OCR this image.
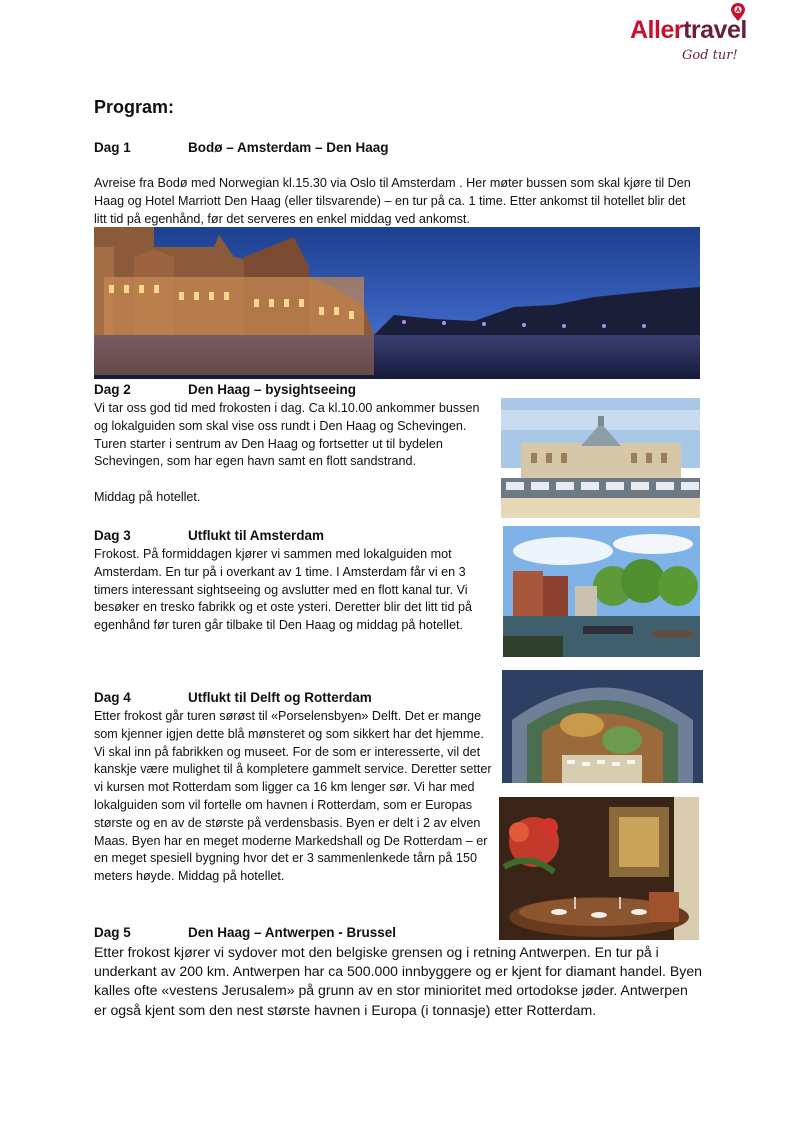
Allertravel
God tur!
Program:
Dag 1	Bodø – Amsterdam – Den Haag

Avreise fra Bodø med Norwegian kl.15.30 via Oslo til Amsterdam . Her møter bussen som skal kjøre til Den Haag og Hotel Marriott Den Haag (eller tilsvarende) – en tur på ca. 1 time. Etter ankomst til hotellet blir det litt tid på egenhånd, før det serveres en enkel middag ved ankomst.

Dag 2	Den Haag – bysightseeing

Vi tar oss god tid med frokosten i dag. Ca kl.10.00 ankommer bussen og lokalguiden som skal vise oss rundt i Den Haag og Schevingen. Turen starter i sentrum av Den Haag og fortsetter ut til bydelen Schevingen, som har egen havn samt en flott sandstrand.

Middag på hotellet.

Dag 3	Utflukt til Amsterdam

Frokost. På formiddagen kjører vi sammen med lokalguiden mot Amsterdam. En tur på i overkant av 1 time. I Amsterdam får vi en 3 timers interessant sightseeing og avslutter med en flott kanal tur. Vi besøker en tresko fabrikk og et oste ysteri. Deretter blir det litt tid på egenhånd før turen går tilbake til Den Haag og middag på hotellet.

Dag 4	Utflukt til Delft og Rotterdam

Etter frokost går turen sørøst til «Porselensbyen» Delft. Det er mange som kjenner igjen dette blå mønsteret og som sikkert har det hjemme. Vi skal inn på fabrikken og museet. For de som er interesserte, vil det kanskje være mulighet til å kompletere gammelt service. Deretter setter vi kursen mot Rotterdam som ligger ca 16 km lenger sør. Vi har med lokalguiden som vil fortelle om havnen i Rotterdam, som er Europas største og en av de største på verdensbasis. Byen er delt i 2 av elven Maas. Byen har en meget moderne Markedshall og De Rotterdam – er en meget spesiell bygning hvor det er 3 sammenlenkede tårn på 150 meters høyde. Middag på hotellet.

Dag 5	Den Haag – Antwerpen - Brussel

Etter frokost kjører vi sydover mot den belgiske grensen og i retning Antwerpen. En tur på i underkant av 200 km. Antwerpen har ca 500.000 innbyggere og er kjent for diamant handel. Byen kalles ofte «vestens Jerusalem» på grunn av en stor minioritet med ortodokse jøder. Antwerpen er også kjent som den nest største havnen i Europa (i tonnasje) etter Rotterdam.
